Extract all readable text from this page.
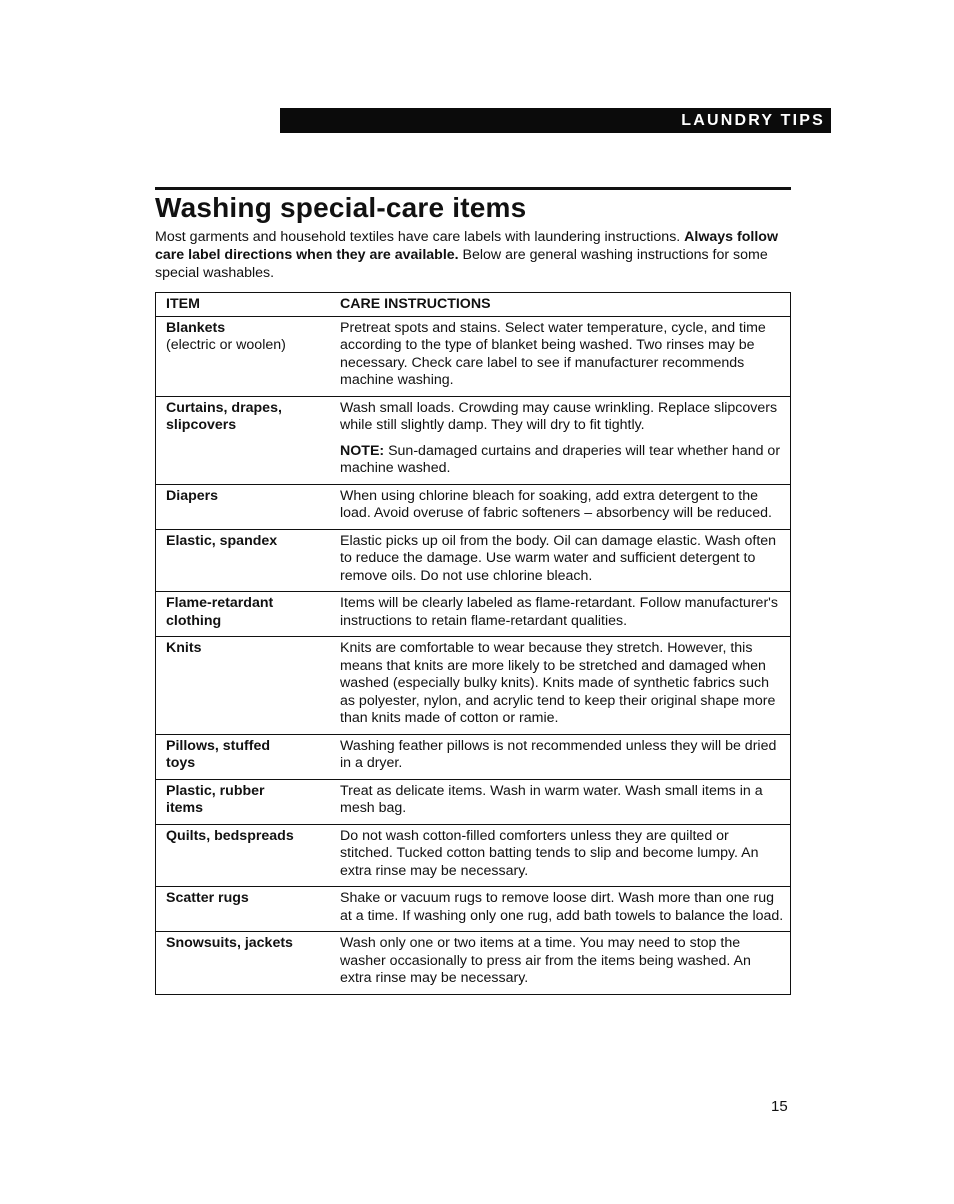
LAUNDRY TIPS
Washing special-care items

Most garments and household textiles have care labels with laundering instructions. Always follow care label directions when they are available. Below are general washing instructions for some special washables.

ITEM	CARE INSTRUCTIONS

Blankets
(electric or woolen)	Pretreat spots and stains. Select water temperature, cycle, and time according to the type of blanket being washed. Two rinses may be necessary. Check care label to see if manufacturer recommends machine washing.

Curtains, drapes,
slipcovers	Wash small loads. Crowding may cause wrinkling. Replace slipcovers while still slightly damp. They will dry to fit tightly.
NOTE: Sun-damaged curtains and draperies will tear whether hand or machine washed.

Diapers	When using chlorine bleach for soaking, add extra detergent to the load. Avoid overuse of fabric softeners – absorbency will be reduced.

Elastic, spandex	Elastic picks up oil from the body. Oil can damage elastic. Wash often to reduce the damage. Use warm water and sufficient detergent to remove oils. Do not use chlorine bleach.

Flame-retardant
clothing	Items will be clearly labeled as flame-retardant. Follow manufacturer's instructions to retain flame-retardant qualities.

Knits	Knits are comfortable to wear because they stretch. However, this means that knits are more likely to be stretched and damaged when washed (especially bulky knits). Knits made of synthetic fabrics such as polyester, nylon, and acrylic tend to keep their original shape more than knits made of cotton or ramie.

Pillows, stuffed
toys	Washing feather pillows is not recommended unless they will be dried in a dryer.

Plastic, rubber
items	Treat as delicate items. Wash in warm water. Wash small items in a mesh bag.

Quilts, bedspreads	Do not wash cotton-filled comforters unless they are quilted or stitched. Tucked cotton batting tends to slip and become lumpy. An extra rinse may be necessary.

Scatter rugs	Shake or vacuum rugs to remove loose dirt. Wash more than one rug at a time. If washing only one rug, add bath towels to balance the load.

Snowsuits, jackets	Wash only one or two items at a time. You may need to stop the washer occasionally to press air from the items being washed. An extra rinse may be necessary.
15
